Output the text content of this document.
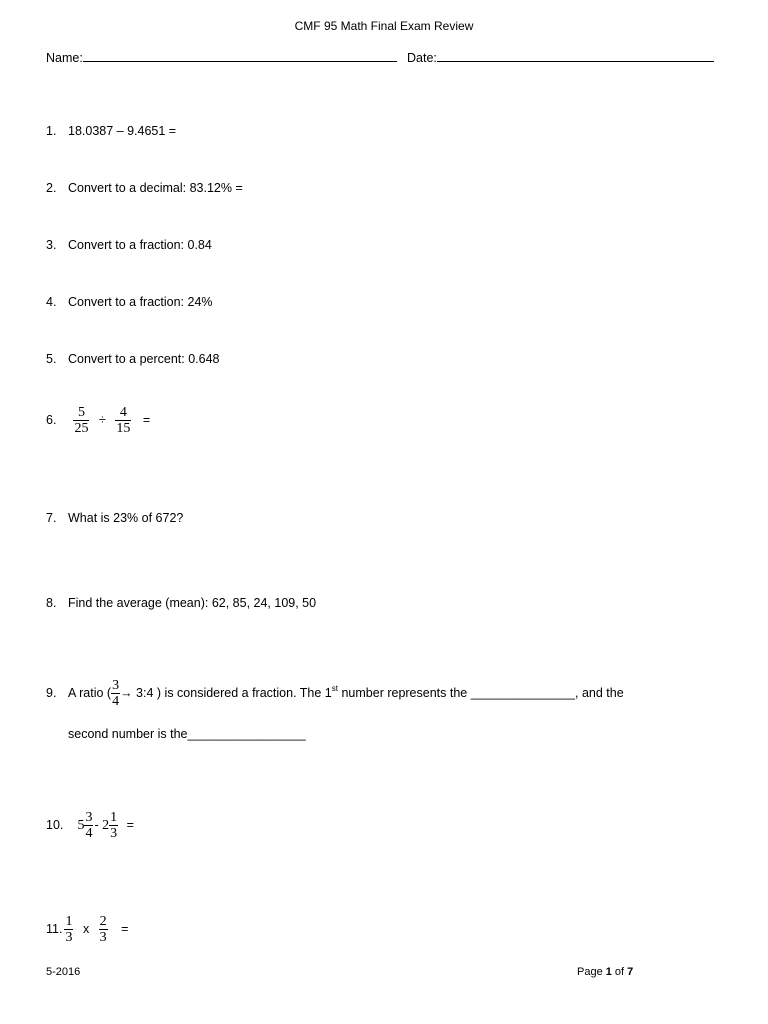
CMF 95 Math Final Exam Review
Name:	Date:
1. 18.0387 – 9.4651 =
2. Convert to a decimal: 83.12% =
3. Convert to a fraction: 0.84
4. Convert to a fraction: 24%
5. Convert to a percent: 0.648
6. $\frac{5}{25} \div \frac{4}{15}$ =
7. What is 23% of 672?
8. Find the average (mean): 62, 85, 24, 109, 50
9. A ratio ( $\frac{3}{4}$ → 3:4 ) is considered a fraction. The 1st number represents the _______________, and the
second number is the_________________
10. $5 \frac{3}{4} - 2 \frac{1}{3}$ =
11. $\frac{1}{3}$ x $\frac{2}{3}$ =
5-2016	Page 1 of 7
